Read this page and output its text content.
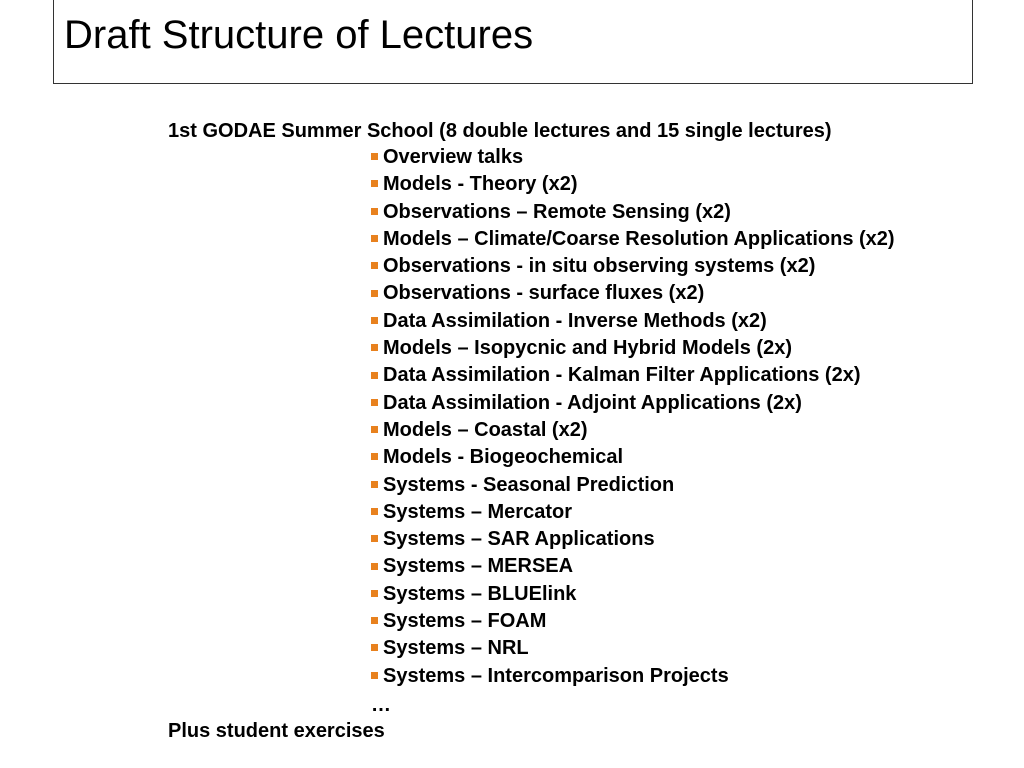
Draft Structure of Lectures
1st GODAE Summer School (8 double lectures and 15 single lectures)
Overview talks
Models - Theory (x2)
Observations – Remote Sensing (x2)
Models – Climate/Coarse Resolution Applications (x2)
Observations - in situ observing systems (x2)
Observations - surface fluxes (x2)
Data Assimilation - Inverse Methods (x2)
Models – Isopycnic and Hybrid Models (2x)
Data Assimilation - Kalman Filter Applications (2x)
Data Assimilation - Adjoint Applications (2x)
Models – Coastal (x2)
Models - Biogeochemical
Systems - Seasonal Prediction
Systems – Mercator
Systems – SAR Applications
Systems – MERSEA
Systems – BLUElink
Systems – FOAM
Systems – NRL
Systems – Intercomparison Projects
…
Plus student exercises
